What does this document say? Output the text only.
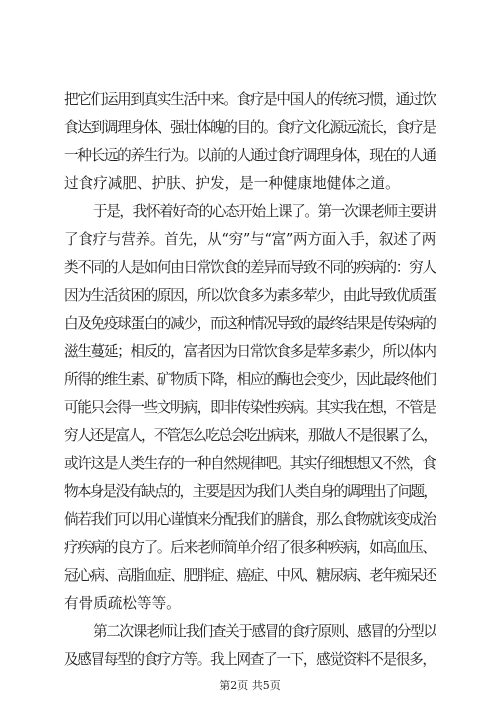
把它们运用到真实生活中来。食疗是中国人的传统习惯，通过饮
食达到调理身体、强壮体魄的目的。食疗文化源远流长，食疗是
一种长远的养生行为。以前的人通过食疗调理身体，现在的人通
过食疗减肥、护肤、护发，是一种健康地健体之道。
于是，我怀着好奇的心态开始上课了。第一次课老师主要讲
了食疗与营养。首先，从“穷”与“富”两方面入手，叙述了两
类不同的人是如何由日常饮食的差异而导致不同的疾病的：穷人
因为生活贫困的原因，所以饮食多为素多荤少，由此导致优质蛋
白及免疫球蛋白的减少，而这种情况导致的最终结果是传染病的
滋生蔓延；相反的，富者因为日常饮食多是荤多素少，所以体内
所得的维生素、矿物质下降，相应的酶也会变少，因此最终他们
可能只会得一些文明病，即非传染性疾病。其实我在想，不管是
穷人还是富人，不管怎么吃总会吃出病来，那做人不是很累了么，
或许这是人类生存的一种自然规律吧。其实仔细想想又不然，食
物本身是没有缺点的，主要是因为我们人类自身的调理出了问题，
倘若我们可以用心谨慎来分配我们的膳食，那么食物就该变成治
疗疾病的良方了。后来老师简单介绍了很多种疾病，如高血压、
冠心病、高脂血症、肥胖症、癌症、中风、糖尿病、老年痴呆还
有骨质疏松等等。
第二次课老师让我们查关于感冒的食疗原则、感冒的分型以
及感冒每型的食疗方等。我上网查了一下，感觉资料不是很多，
第2页 共5页
